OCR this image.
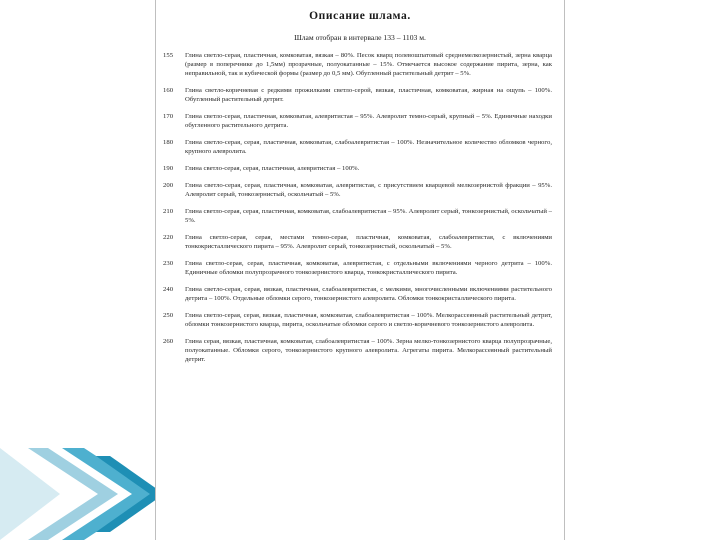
Описание шлама.
Шлам отобран в интервале 133 – 1103 м.
155	Глина светло-серая, пластичная, комковатая, вязкая – 80%. Песок кварц полевошпатовый среднемелкозернистый, зерна кварца (размер в поперечнике до 1,5мм) прозрачные, полуокатанные – 15%. Отмечается высокое содержание пирита, зерна, как неправильной, так и кубической формы (размер до 0,5 мм). Обугленный растительный детрит – 5%.
160	Глина светло-коричневая с редкими прожилками светло-серой, вязкая, пластичная, комковатая, жирная на ощупь – 100%. Обугленный растительный детрит.
170	Глина светло-серая, пластичная, комковатая, алевритистая – 95%. Алевролит темно-серый, крупный – 5%. Единичные находки обугленного растительного детрита.
180	Глина светло-серая, серая, пластичная, комковатая, слабоалевритистая – 100%. Незначительное количество обломков черного, крупного алевролита.
190	Глина светло-серая, серая, пластичная, алевритистая – 100%.
200	Глина светло-серая, серая, пластичная, комковатая, алевритистая, с присутствием кварцевой мелкозернистой фракции – 95%. Алевролит серый, тонкозернистый, оскольчатый – 5%.
210	Глина светло-серая, серая, пластичная, комковатая, слабоалевритистая – 95%. Алевролит серый, тонкозернистый, оскольчатый – 5%.
220	Глина светло-серая, серая, местами темно-серая, пластичная, комковатая, слабоалевритистая, с включениями тонкокристаллического пирита – 95%. Алевролит серый, тонкозернистый, оскольчатый – 5%.
230	Глина светло-серая, серая, пластичная, комковатая, алевритистая, с отдельными включениями черного детрита – 100%. Единичные обломки полупрозрачного тонкозернистого кварца, тонкокристаллического пирита.
240	Глина светло-серая, серая, вязкая, пластичная, слабоалевритистая, с мелкими, многочисленными включениями растительного детрита – 100%. Отдельные обломки серого, тонкозернистого алевролита. Обломки тонкокристаллического пирита.
250	Глина светло-серая, серая, вязкая, пластичная, комковатая, слабоалевритистая – 100%. Мелкорассеянный растительный детрит, обломки тонкозернистого кварца, пирита, оскольчатые обломки серого и светло-коричневого тонкозернистого алевролита.
260	Глина серая, вязкая, пластичная, комковатая, слабоалевритистая – 100%. Зерна мелко-тонкозернистого кварца полупрозрачные, полуокатанные. Обломки серого, тонкозернистого крупного алевролита. Агрегаты пирита. Мелкорассеянный растительный детрит.
